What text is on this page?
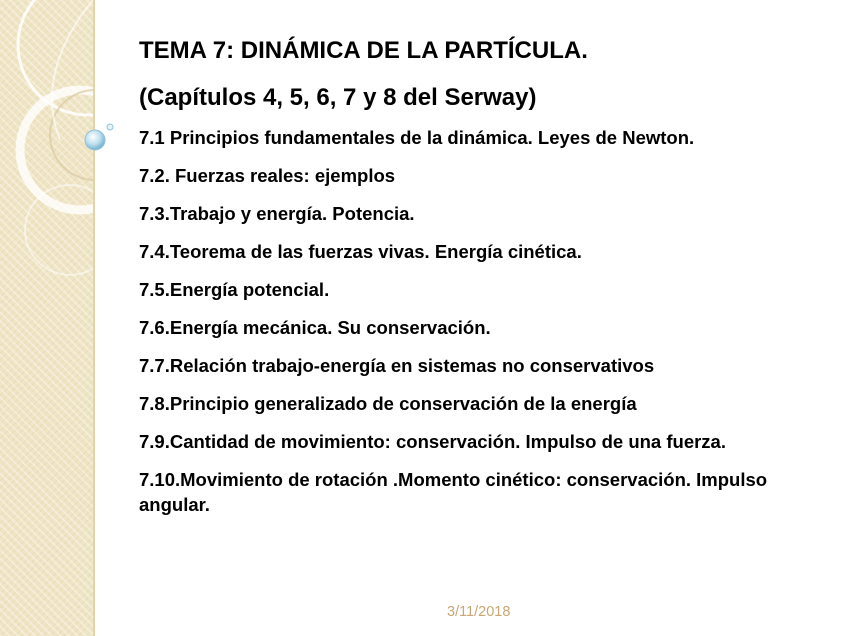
TEMA 7: DINÁMICA DE LA PARTÍCULA.
(Capítulos 4, 5, 6, 7 y 8 del Serway)
7.1 Principios fundamentales de la dinámica. Leyes de Newton.
7.2. Fuerzas reales: ejemplos
7.3.Trabajo y energía. Potencia.
7.4.Teorema de las fuerzas vivas. Energía cinética.
7.5.Energía potencial.
7.6.Energía mecánica. Su conservación.
7.7.Relación trabajo-energía en sistemas no conservativos
7.8.Principio generalizado de conservación de la energía
7.9.Cantidad de movimiento: conservación. Impulso de una fuerza.
7.10.Movimiento de rotación .Momento cinético: conservación. Impulso angular.
3/11/2018
